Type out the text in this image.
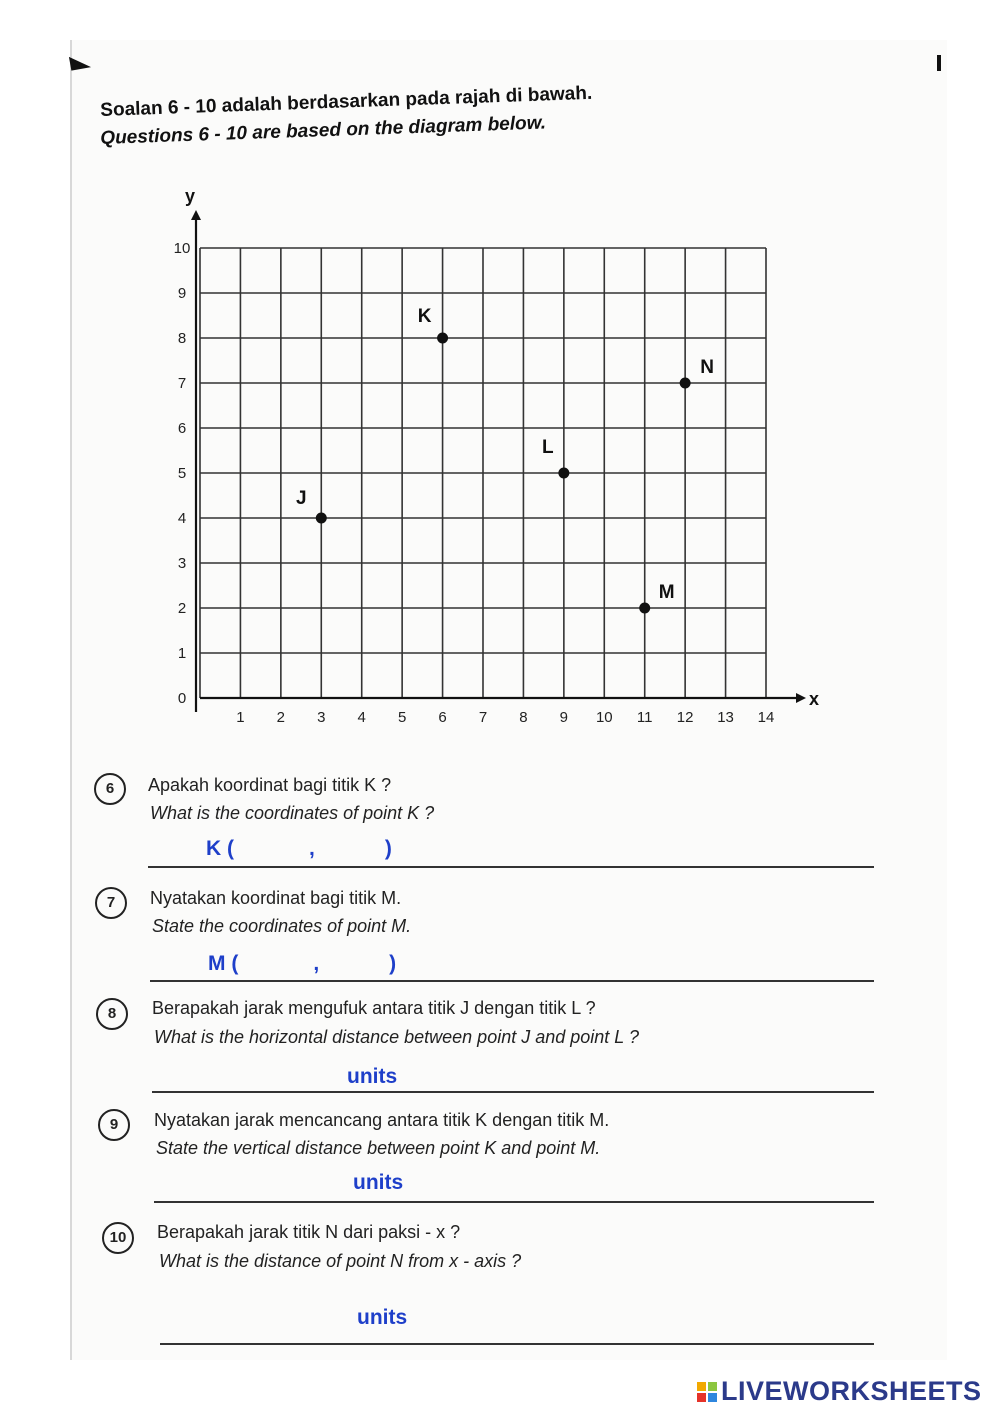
Soalan 6 - 10 adalah berdasarkan pada rajah di bawah.
Questions 6 - 10 are based on the diagram below.
x
y
1 2 3 4 5 6 7 8 9 10 11 12 13 14
0
1
2
3
4
5
6
7
8
9
10
J
K
L
M
N
6	Apakah koordinat bagi titik K ?
What is the coordinates of point K ?
K (	,	)
7	Nyatakan koordinat bagi titik M.
State the coordinates of point M.
M (	,	)
8	Berapakah jarak mengufuk antara titik J dengan titik L ?
What is the horizontal distance between point J and point L ?
units
9	Nyatakan jarak mencancang antara titik K dengan titik M.
State the vertical distance between point K and point M.
units
10	Berapakah jarak titik N dari paksi - x ?
What is the distance of point N from x - axis ?
units
LIVEWORKSHEETS
